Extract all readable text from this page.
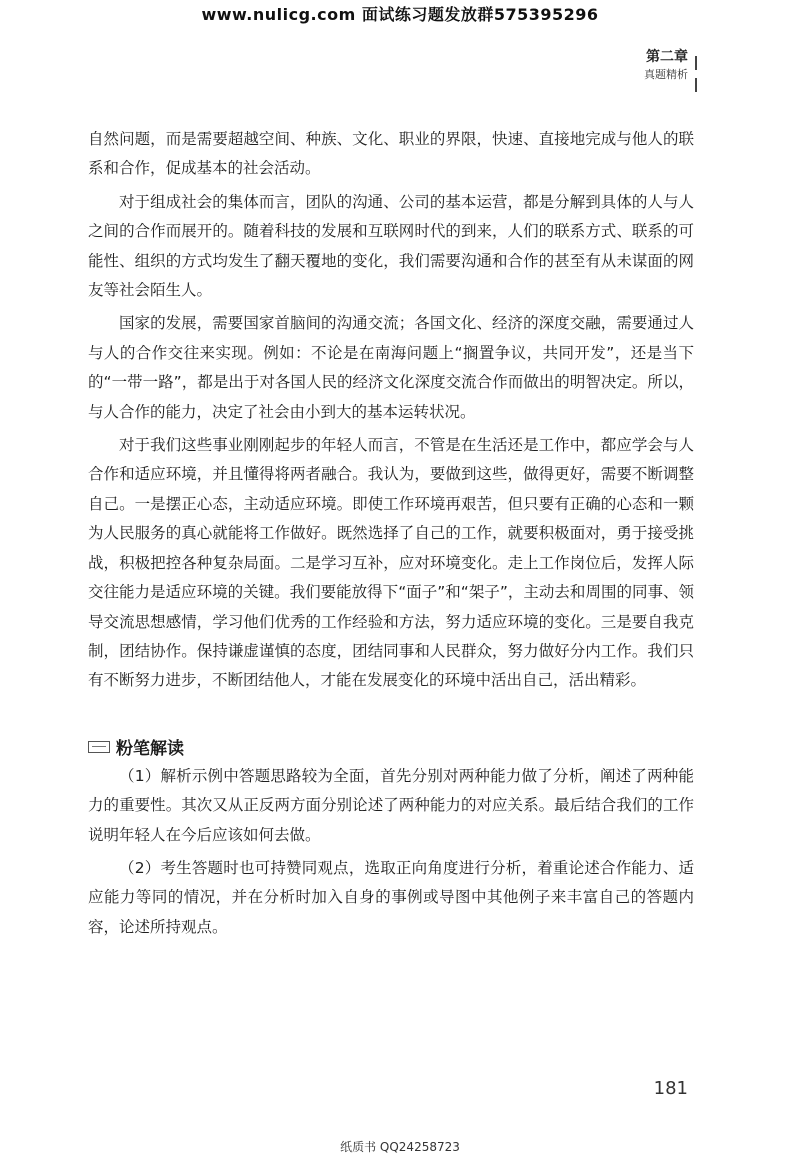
www.nulicg.com 面试练习题发放群575395296
第二章
真题精析

自然问题，而是需要超越空间、种族、文化、职业的界限，快速、直接地完成与他人的联系和合作，促成基本的社会活动。

对于组成社会的集体而言，团队的沟通、公司的基本运营，都是分解到具体的人与人之间的合作而展开的。随着科技的发展和互联网时代的到来，人们的联系方式、联系的可能性、组织的方式均发生了翻天覆地的变化，我们需要沟通和合作的甚至有从未谋面的网友等社会陌生人。

国家的发展，需要国家首脑间的沟通交流；各国文化、经济的深度交融，需要通过人与人的合作交往来实现。例如：不论是在南海问题上“搁置争议，共同开发”，还是当下的“一带一路”，都是出于对各国人民的经济文化深度交流合作而做出的明智决定。所以，与人合作的能力，决定了社会由小到大的基本运转状况。

对于我们这些事业刚刚起步的年轻人而言，不管是在生活还是工作中，都应学会与人合作和适应环境，并且懂得将两者融合。我认为，要做到这些，做得更好，需要不断调整自己。一是摆正心态，主动适应环境。即使工作环境再艰苦，但只要有正确的心态和一颗为人民服务的真心就能将工作做好。既然选择了自己的工作，就要积极面对，勇于接受挑战，积极把控各种复杂局面。二是学习互补，应对环境变化。走上工作岗位后，发挥人际交往能力是适应环境的关键。我们要能放得下“面子”和“架子”，主动去和周围的同事、领导交流思想感情，学习他们优秀的工作经验和方法，努力适应环境的变化。三是要自我克制，团结协作。保持谦虚谨慎的态度，团结同事和人民群众，努力做好分内工作。我们只有不断努力进步，不断团结他人，才能在发展变化的环境中活出自己，活出精彩。

粉笔解读

（1）解析示例中答题思路较为全面，首先分别对两种能力做了分析，阐述了两种能力的重要性。其次又从正反两方面分别论述了两种能力的对应关系。最后结合我们的工作说明年轻人在今后应该如何去做。

（2）考生答题时也可持赞同观点，选取正向角度进行分析，着重论述合作能力、适应能力等同的情况，并在分析时加入自身的事例或导图中其他例子来丰富自己的答题内容，论述所持观点。

181
纸质书 QQ24258723
